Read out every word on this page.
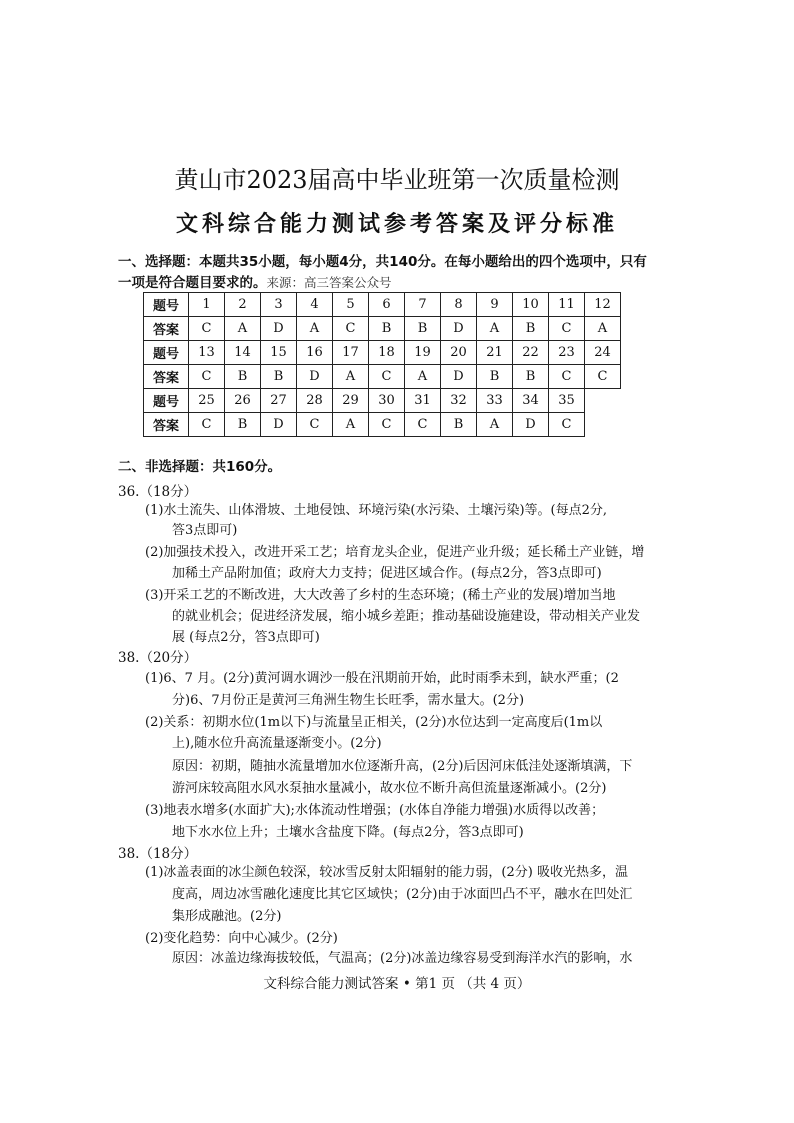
黄山市2023届高中毕业班第一次质量检测
文科综合能力测试参考答案及评分标准
一、选择题：本题共35小题，每小题4分，共140分。在每小题给出的四个选项中，只有
一项是符合题目要求的。来源：高三答案公众号
题号	1	2	3	4	5	6	7	8	9	10	11	12
答案	C	A	D	A	C	B	B	D	A	B	C	A
题号	13	14	15	16	17	18	19	20	21	22	23	24
答案	C	B	B	D	A	C	A	D	B	B	C	C
题号	25	26	27	28	29	30	31	32	33	34	35	
答案	C	B	D	C	A	C	C	B	A	D	C	
二、非选择题：共160分。
36.（18分）
(1)水土流失、山体滑坡、土地侵蚀、环境污染(水污染、土壤污染)等。(每点2分,
答3点即可)
(2)加强技术投入，改进开采工艺；培育龙头企业，促进产业升级；延长稀土产业链，增
加稀土产品附加值；政府大力支持；促进区域合作。(每点2分，答3点即可)
(3)开采工艺的不断改进，大大改善了乡村的生态环境；(稀土产业的发展)增加当地
的就业机会；促进经济发展，缩小城乡差距；推动基础设施建设，带动相关产业发
展 (每点2分，答3点即可)
38.（20分）
(1)6、7 月。(2分)黄河调水调沙一般在汛期前开始，此时雨季未到，缺水严重；(2
分)6、7月份正是黄河三角洲生物生长旺季，需水量大。(2分)
(2)关系：初期水位(1m以下)与流量呈正相关，(2分)水位达到一定高度后(1m以
上),随水位升高流量逐渐变小。(2分)
原因：初期，随抽水流量增加水位逐渐升高，(2分)后因河床低洼处逐渐填满，下
游河床较高阻水风水泵抽水量减小，故水位不断升高但流量逐渐减小。(2分)
(3)地表水增多(水面扩大);水体流动性增强；(水体自净能力增强)水质得以改善；
地下水水位上升；土壤水含盐度下降。(每点2分，答3点即可)
38.（18分）
(1)冰盖表面的冰尘颜色较深，较冰雪反射太阳辐射的能力弱，(2分) 吸收光热多，温
度高，周边冰雪融化速度比其它区域快；(2分)由于冰面凹凸不平，融水在凹处汇
集形成融池。(2分)
(2)变化趋势：向中心减少。(2分)
原因：冰盖边缘海拔较低，气温高；(2分)冰盖边缘容易受到海洋水汽的影响，水
文科综合能力测试答案 • 第1 页 （共 4 页）
